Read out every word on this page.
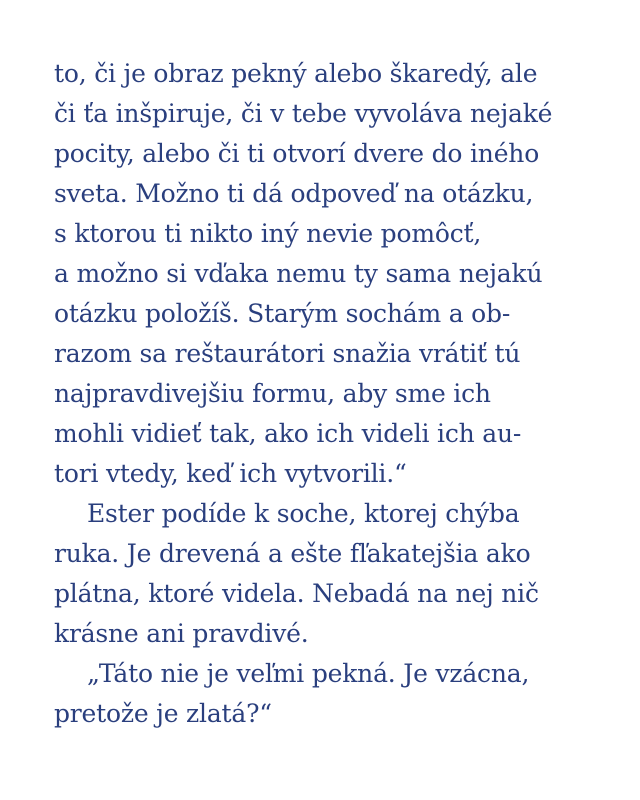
to, či je obraz pekný alebo škaredý, ale
či ťa inšpiruje, či v tebe vyvoláva nejaké
pocity, alebo či ti otvorí dvere do iného
sveta. Možno ti dá odpoveď na otázku,
s ktorou ti nikto iný nevie pomôcť,
a možno si vďaka nemu ty sama nejakú
otázku položíš. Starým sochám a ob-
razom sa reštaurátori snažia vrátiť tú
najpravdivejšiu formu, aby sme ich
mohli vidieť tak, ako ich videli ich au-
tori vtedy, keď ich vytvorili.“
Ester podíde k soche, ktorej chýba
ruka. Je drevená a ešte fľakatejšia ako
plátna, ktoré videla. Nebadá na nej nič
krásne ani pravdivé.
„Táto nie je veľmi pekná. Je vzácna,
pretože je zlatá?“
